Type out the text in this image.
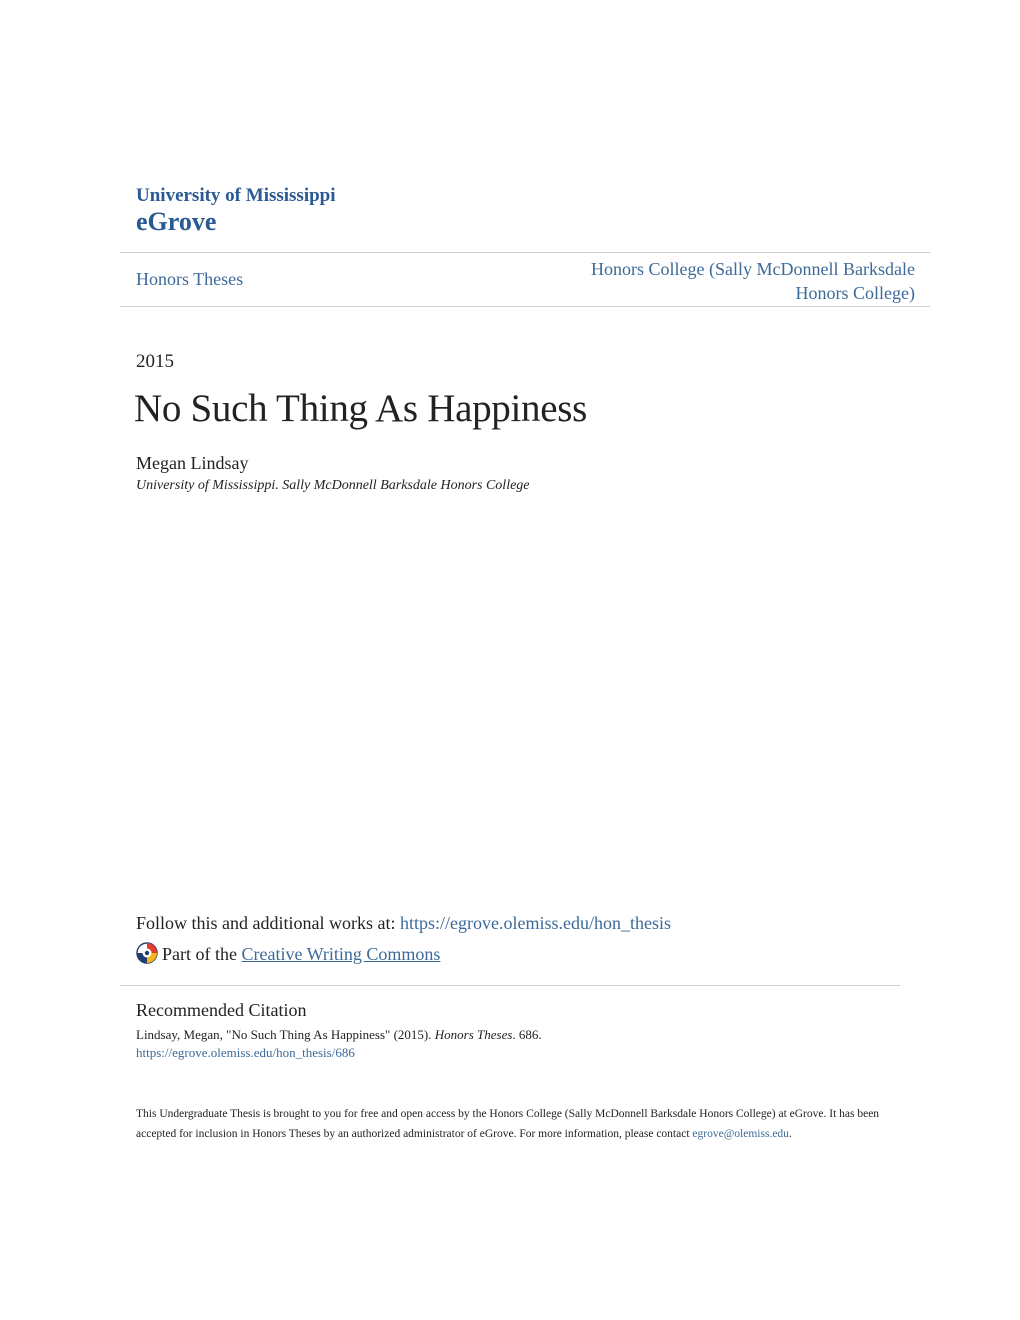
University of Mississippi
eGrove
Honors Theses	Honors College (Sally McDonnell Barksdale Honors College)
2015
No Such Thing As Happiness
Megan Lindsay
University of Mississippi. Sally McDonnell Barksdale Honors College
Follow this and additional works at: https://egrove.olemiss.edu/hon_thesis
Part of the Creative Writing Commons
Recommended Citation
Lindsay, Megan, "No Such Thing As Happiness" (2015). Honors Theses. 686.
https://egrove.olemiss.edu/hon_thesis/686
This Undergraduate Thesis is brought to you for free and open access by the Honors College (Sally McDonnell Barksdale Honors College) at eGrove. It has been accepted for inclusion in Honors Theses by an authorized administrator of eGrove. For more information, please contact egrove@olemiss.edu.
